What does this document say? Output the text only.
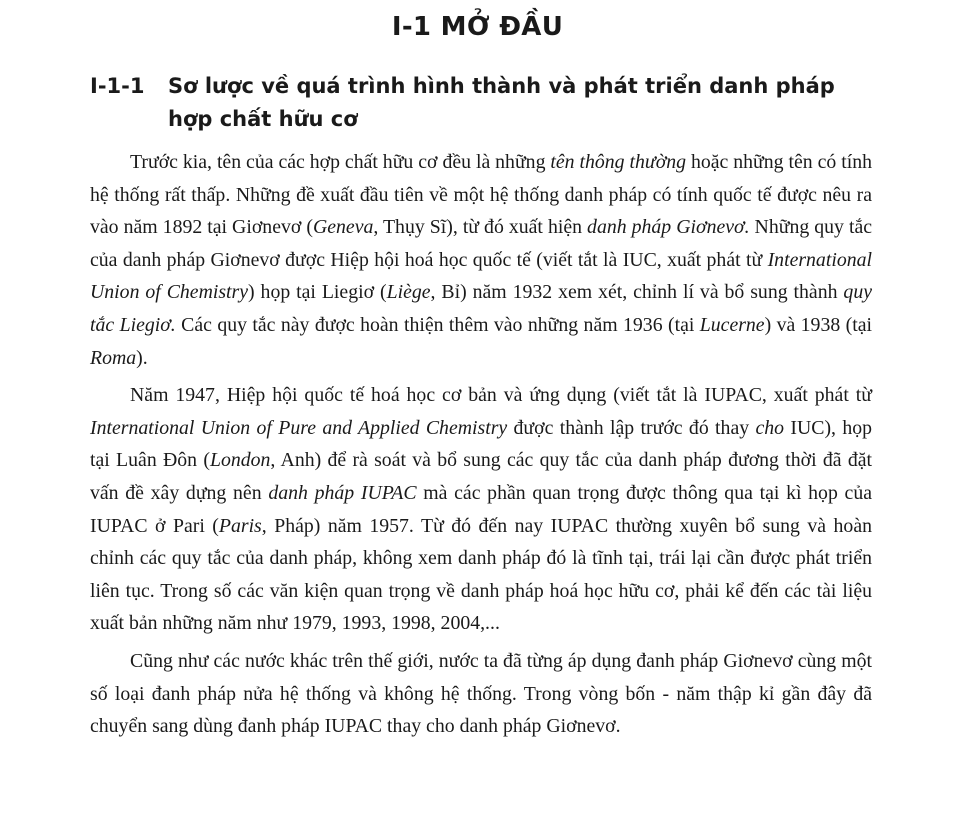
I-1 MỞ ĐẦU
I-1-1	Sơ lược về quá trình hình thành và phát triển danh pháp hợp chất hữu cơ

Trước kia, tên của các hợp chất hữu cơ đều là những tên thông thường hoặc những tên có tính hệ thống rất thấp. Những đề xuất đầu tiên về một hệ thống danh pháp có tính quốc tế được nêu ra vào năm 1892 tại Giơnevơ (Geneva, Thụy Sĩ), từ đó xuất hiện danh pháp Giơnevơ. Những quy tắc của danh pháp Giơnevơ được Hiệp hội hoá học quốc tế (viết tắt là IUC, xuất phát từ International Union of Chemistry) họp tại Liegiơ (Liège, Bỉ) năm 1932 xem xét, chỉnh lí và bổ sung thành quy tắc Liegiơ. Các quy tắc này được hoàn thiện thêm vào những năm 1936 (tại Lucerne) và 1938 (tại Roma).

Năm 1947, Hiệp hội quốc tế hoá học cơ bản và ứng dụng (viết tắt là IUPAC, xuất phát từ International Union of Pure and Applied Chemistry được thành lập trước đó thay cho IUC), họp tại Luân Đôn (London, Anh) để rà soát và bổ sung các quy tắc của danh pháp đương thời đã đặt vấn đề xây dựng nên danh pháp IUPAC mà các phần quan trọng được thông qua tại kì họp của IUPAC ở Pari (Paris, Pháp) năm 1957. Từ đó đến nay IUPAC thường xuyên bổ sung và hoàn chỉnh các quy tắc của danh pháp, không xem danh pháp đó là tĩnh tại, trái lại cần được phát triển liên tục. Trong số các văn kiện quan trọng về danh pháp hoá học hữu cơ, phải kể đến các tài liệu xuất bản những năm như 1979, 1993, 1998, 2004,...

Cũng như các nước khác trên thế giới, nước ta đã từng áp dụng đanh pháp Giơnevơ cùng một số loại đanh pháp nửa hệ thống và không hệ thống. Trong vòng bốn - năm thập kỉ gần đây đã chuyển sang dùng đanh pháp IUPAC thay cho danh pháp Giơnevơ.
